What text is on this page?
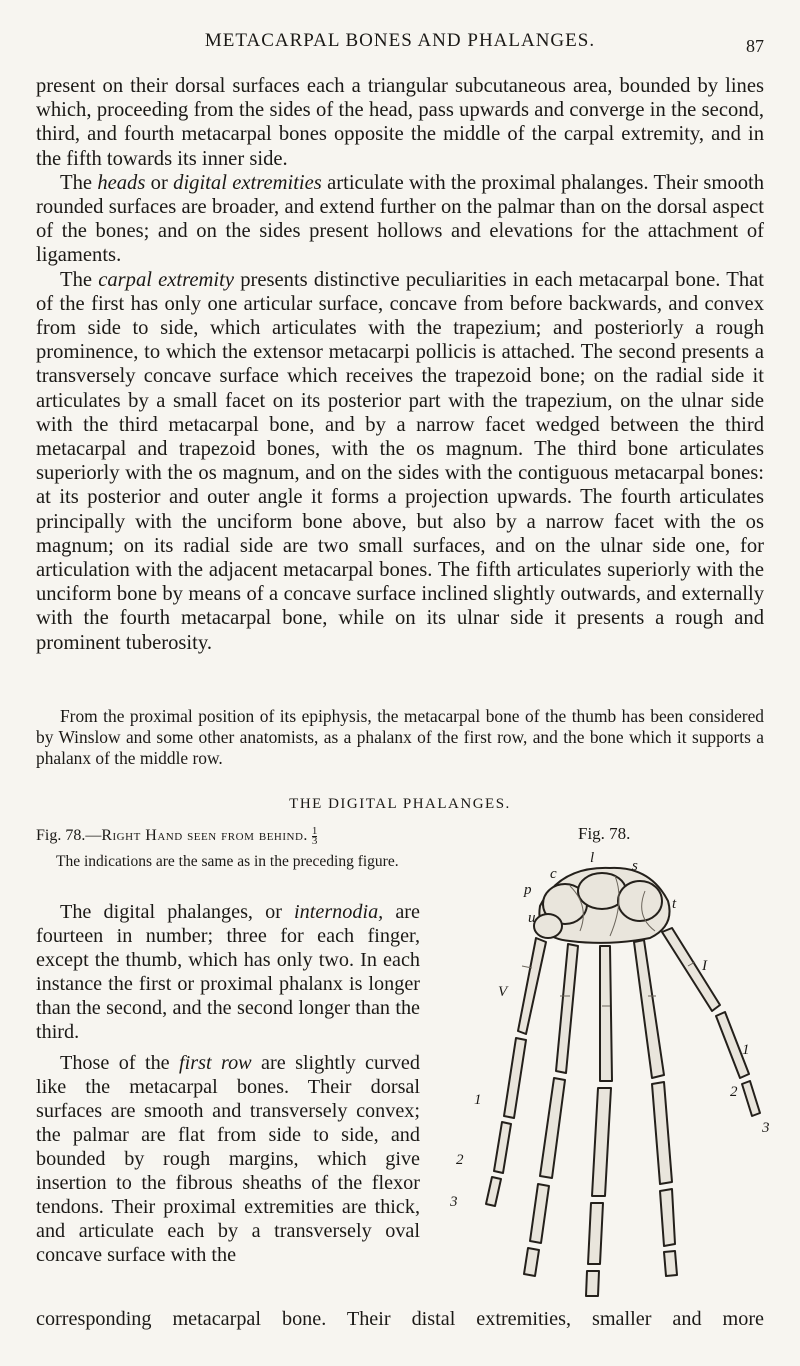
METACARPAL BONES AND PHALANGES.	87

present on their dorsal surfaces each a triangular subcutaneous area, bounded by lines which, proceeding from the sides of the head, pass upwards and converge in the second, third, and fourth metacarpal bones opposite the middle of the carpal extremity, and in the fifth towards its inner side.

The heads or digital extremities articulate with the proximal phalanges. Their smooth rounded surfaces are broader, and extend further on the palmar than on the dorsal aspect of the bones; and on the sides present hollows and elevations for the attachment of ligaments.

The carpal extremity presents distinctive peculiarities in each metacarpal bone. That of the first has only one articular surface, concave from before backwards, and convex from side to side, which articulates with the trapezium; and posteriorly a rough prominence, to which the extensor metacarpi pollicis is attached. The second presents a transversely concave surface which receives the trapezoid bone; on the radial side it articulates by a small facet on its posterior part with the trapezium, on the ulnar side with the third metacarpal bone, and by a narrow facet wedged between the third metacarpal and trapezoid bones, with the os magnum. The third bone articulates superiorly with the os magnum, and on the sides with the contiguous metacarpal bones: at its posterior and outer angle it forms a projection upwards. The fourth articulates principally with the unciform bone above, but also by a narrow facet with the os magnum; on its radial side are two small surfaces, and on the ulnar side one, for articulation with the adjacent metacarpal bones. The fifth articulates superiorly with the unciform bone by means of a concave surface inclined slightly outwards, and externally with the fourth metacarpal bone, while on its ulnar side it presents a rough and prominent tuberosity.

From the proximal position of its epiphysis, the metacarpal bone of the thumb has been considered by Winslow and some other anatomists, as a phalanx of the first row, and the bone which it supports a phalanx of the middle row.
THE DIGITAL PHALANGES.
Fig. 78.—Right Hand seen from behind. $\frac{1}{3}$
The indications are the same as in the preceding figure.

The digital phalanges, or internodia, are fourteen in number; three for each finger, except the thumb, which has only two. In each instance the first or proximal phalanx is longer than the second, and the second longer than the third.

Those of the first row are slightly curved like the metacarpal bones. Their dorsal surfaces are smooth and transversely convex; the palmar are flat from side to side, and bounded by rough margins, which give insertion to the fibrous sheaths of the flexor tendons. Their proximal extremities are thick, and articulate each by a transversely oval concave surface with the

corresponding metacarpal bone. Their distal extremities, smaller and more
Fig. 78.
p
c
l	s
u
t
V
I
1
2
3
1
2
3
